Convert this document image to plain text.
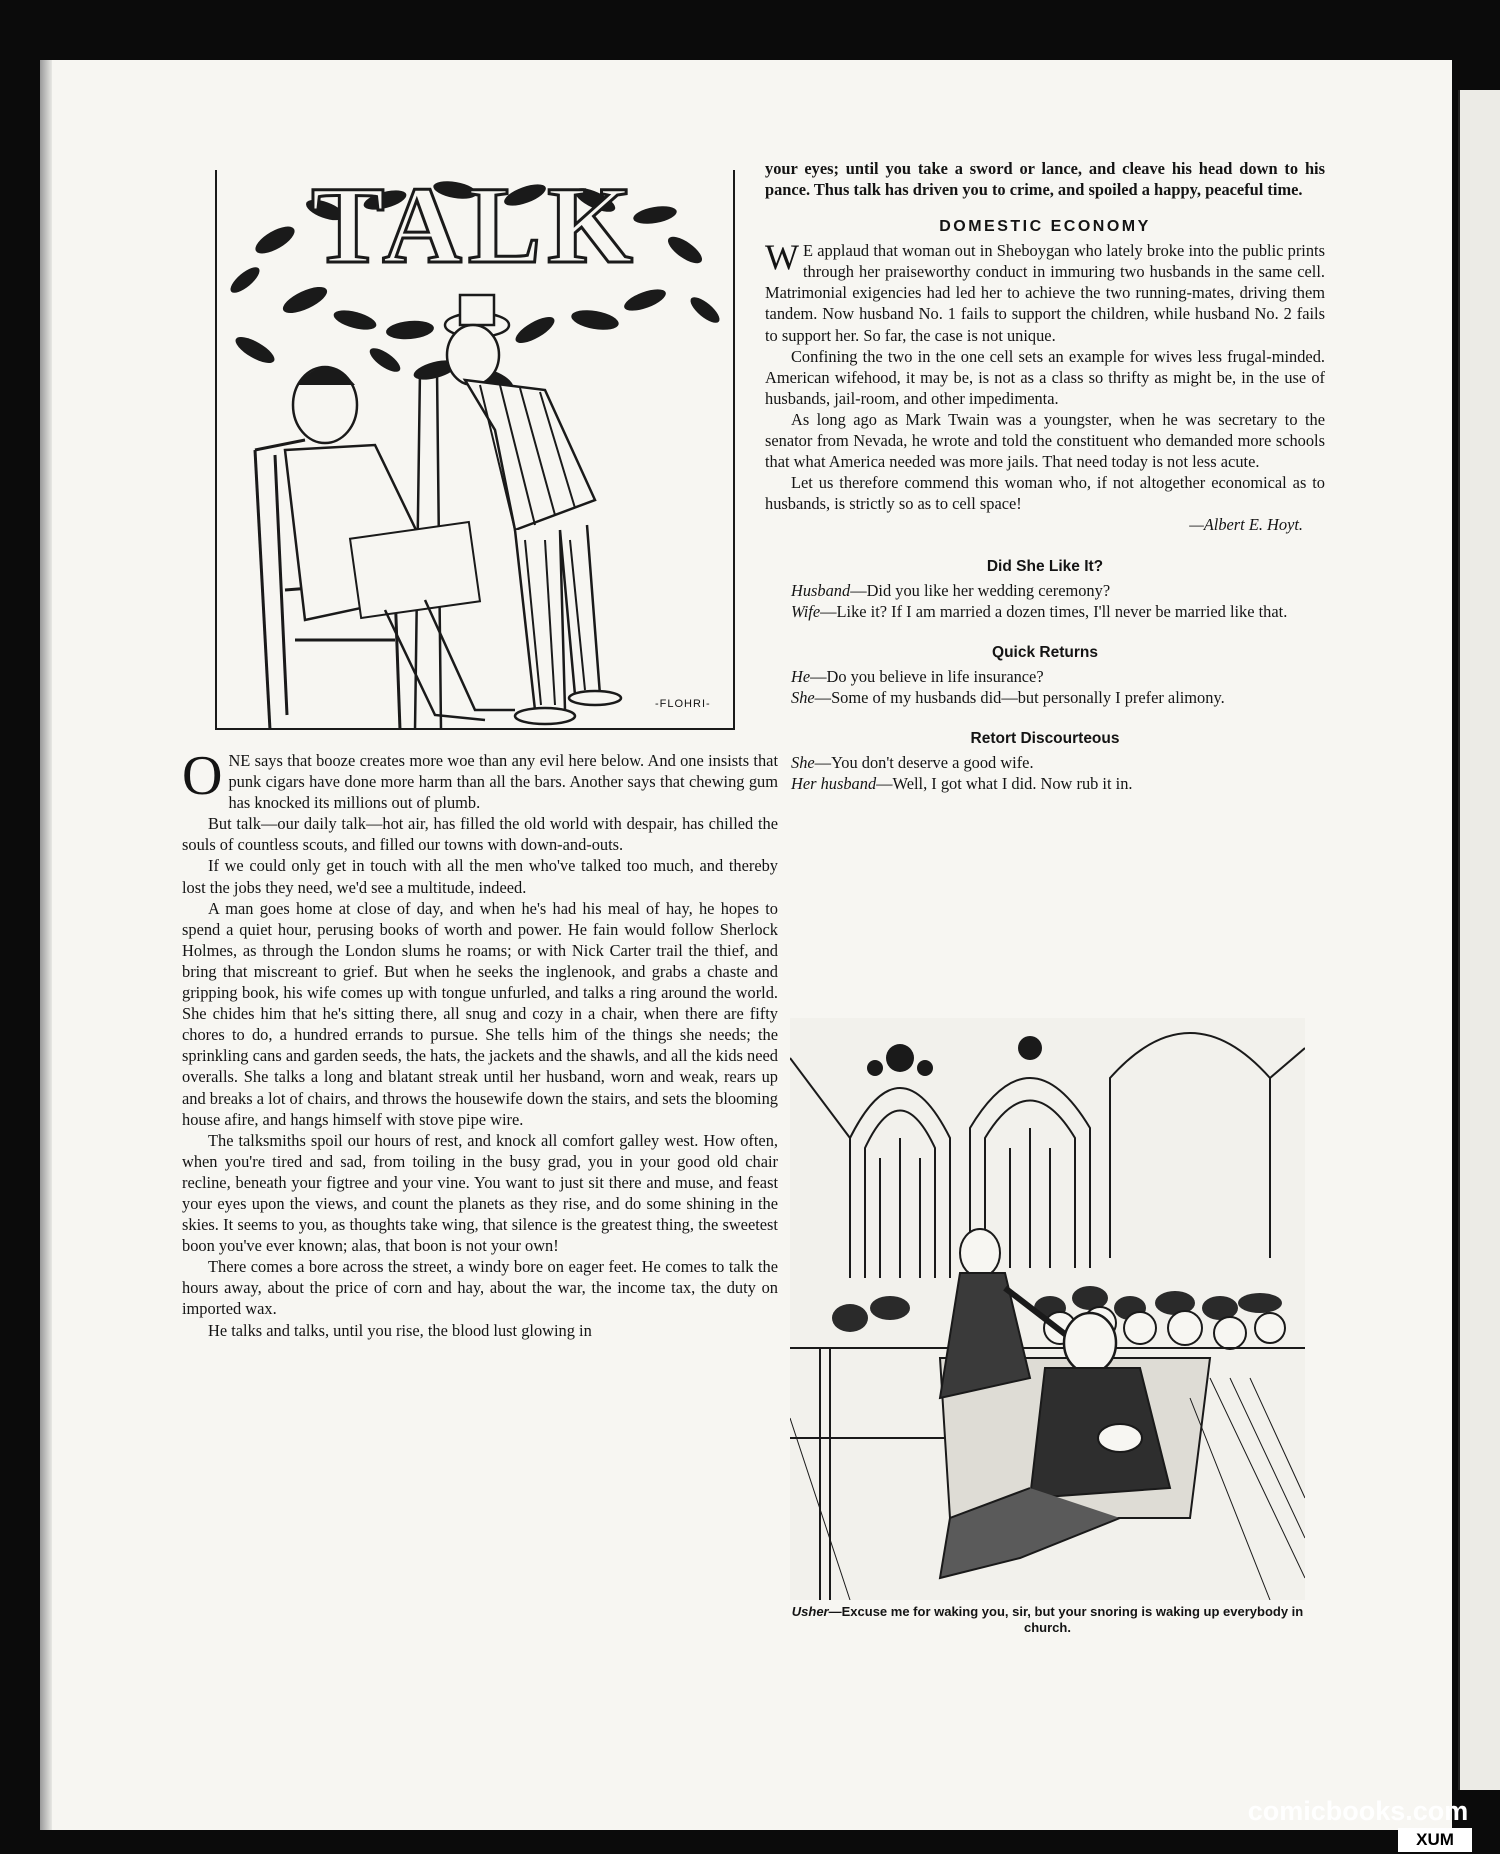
TALK
-FLOHRI-

ONE says that booze creates more woe than any evil here below. And one insists that punk cigars have done more harm than all the bars. Another says that chewing gum has knocked its millions out of plumb.

But talk—our daily talk—hot air, has filled the old world with despair, has chilled the souls of countless scouts, and filled our towns with down-and-outs.

If we could only get in touch with all the men who've talked too much, and thereby lost the jobs they need, we'd see a multitude, indeed.

A man goes home at close of day, and when he's had his meal of hay, he hopes to spend a quiet hour, perusing books of worth and power. He fain would follow Sherlock Holmes, as through the London slums he roams; or with Nick Carter trail the thief, and bring that miscreant to grief. But when he seeks the inglenook, and grabs a chaste and gripping book, his wife comes up with tongue unfurled, and talks a ring around the world. She chides him that he's sitting there, all snug and cozy in a chair, when there are fifty chores to do, a hundred errands to pursue. She tells him of the things she needs; the sprinkling cans and garden seeds, the hats, the jackets and the shawls, and all the kids need overalls. She talks a long and blatant streak until her husband, worn and weak, rears up and breaks a lot of chairs, and throws the housewife down the stairs, and sets the blooming house afire, and hangs himself with stove pipe wire.

The talksmiths spoil our hours of rest, and knock all comfort galley west. How often, when you're tired and sad, from toiling in the busy grad, you in your good old chair recline, beneath your figtree and your vine. You want to just sit there and muse, and feast your eyes upon the views, and count the planets as they rise, and do some shining in the skies. It seems to you, as thoughts take wing, that silence is the greatest thing, the sweetest boon you've ever known; alas, that boon is not your own!

There comes a bore across the street, a windy bore on eager feet. He comes to talk the hours away, about the price of corn and hay, about the war, the income tax, the duty on imported wax.

He talks and talks, until you rise, the blood lust glowing in

your eyes; until you take a sword or lance, and cleave his head down to his pance. Thus talk has driven you to crime, and spoiled a happy, peaceful time.

DOMESTIC ECONOMY

W E applaud that woman out in Sheboygan who lately broke into the public prints through her praiseworthy conduct in immuring two husbands in the same cell. Matrimonial exigencies had led her to achieve the two running-mates, driving them tandem. Now husband No. 1 fails to support the children, while husband No. 2 fails to support her. So far, the case is not unique.

Confining the two in the one cell sets an example for wives less frugal-minded. American wifehood, it may be, is not as a class so thrifty as might be, in the use of husbands, jail-room, and other impedimenta.

As long ago as Mark Twain was a youngster, when he was secretary to the senator from Nevada, he wrote and told the constituent who demanded more schools that what America needed was more jails. That need today is not less acute.

Let us therefore commend this woman who, if not altogether economical as to husbands, is strictly so as to cell space!

—Albert E. Hoyt.

Did She Like It?

Husband—Did you like her wedding ceremony?

Wife—Like it? If I am married a dozen times, I'll never be married like that.

Quick Returns

He—Do you believe in life insurance?

She—Some of my husbands did—but personally I prefer alimony.

Retort Discourteous

She—You don't deserve a good wife.

Her husband—Well, I got what I did. Now rub it in.

Usher—Excuse me for waking you, sir, but your snoring is waking up everybody in church.
comicbooks.com
XUM
